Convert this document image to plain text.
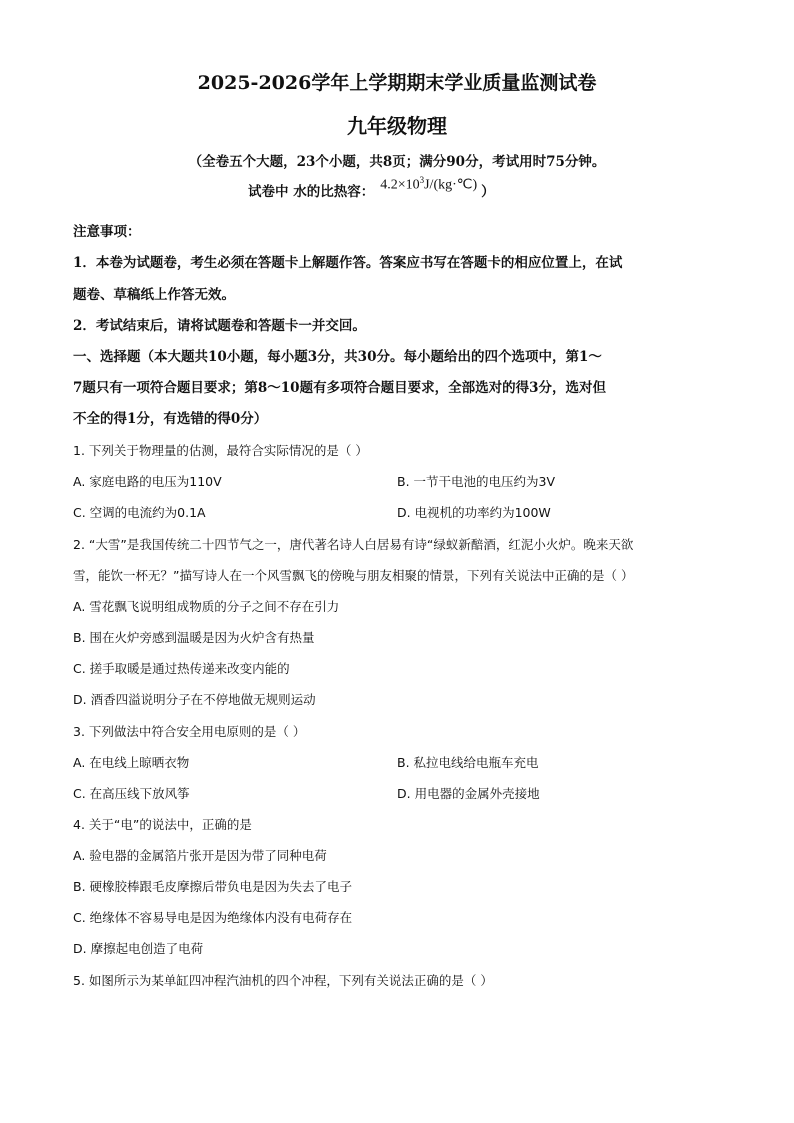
2025-2026学年上学期期末学业质量监测试卷
九年级物理
（全卷五个大题，23个小题，共8页；满分90分，考试用时75分钟。
试卷中 水的比热容： $4.2\times 10^3J/(kg\cdot℃)$ ）
注意事项：
1．本卷为试题卷，考生必须在答题卡上解题作答。答案应书写在答题卡的相应位置上，在试
题卷、草稿纸上作答无效。
2．考试结束后，请将试题卷和答题卡一并交回。
一、选择题（本大题共10小题，每小题3分，共30分。每小题给出的四个选项中，第1～
7题只有一项符合题目要求；第8～10题有多项符合题目要求，全部选对的得3分，选对但
不全的得1分，有选错的得0分）
1. 下列关于物理量的估测，最符合实际情况的是（ ）
A. 家庭电路的电压为110V	B. 一节干电池的电压约为3V
C. 空调的电流约为0.1A	D. 电视机的功率约为100W
2. “大雪”是我国传统二十四节气之一，唐代著名诗人白居易有诗“绿蚁新醅酒，红泥小火炉。晚来天欲
雪，能饮一杯无？”描写诗人在一个风雪飘飞的傍晚与朋友相聚的情景，下列有关说法中正确的是（ ）
A. 雪花飘飞说明组成物质的分子之间不存在引力
B. 围在火炉旁感到温暖是因为火炉含有热量
C. 搓手取暖是通过热传递来改变内能的
D. 酒香四溢说明分子在不停地做无规则运动
3. 下列做法中符合安全用电原则的是（ ）
A. 在电线上晾晒衣物	B. 私拉电线给电瓶车充电
C. 在高压线下放风筝	D. 用电器的金属外壳接地
4. 关于“电”的说法中，正确的是
A. 验电器的金属箔片张开是因为带了同种电荷
B. 硬橡胶棒跟毛皮摩擦后带负电是因为失去了电子
C. 绝缘体不容易导电是因为绝缘体内没有电荷存在
D. 摩擦起电创造了电荷
5. 如图所示为某单缸四冲程汽油机的四个冲程，下列有关说法正确的是（ ）
